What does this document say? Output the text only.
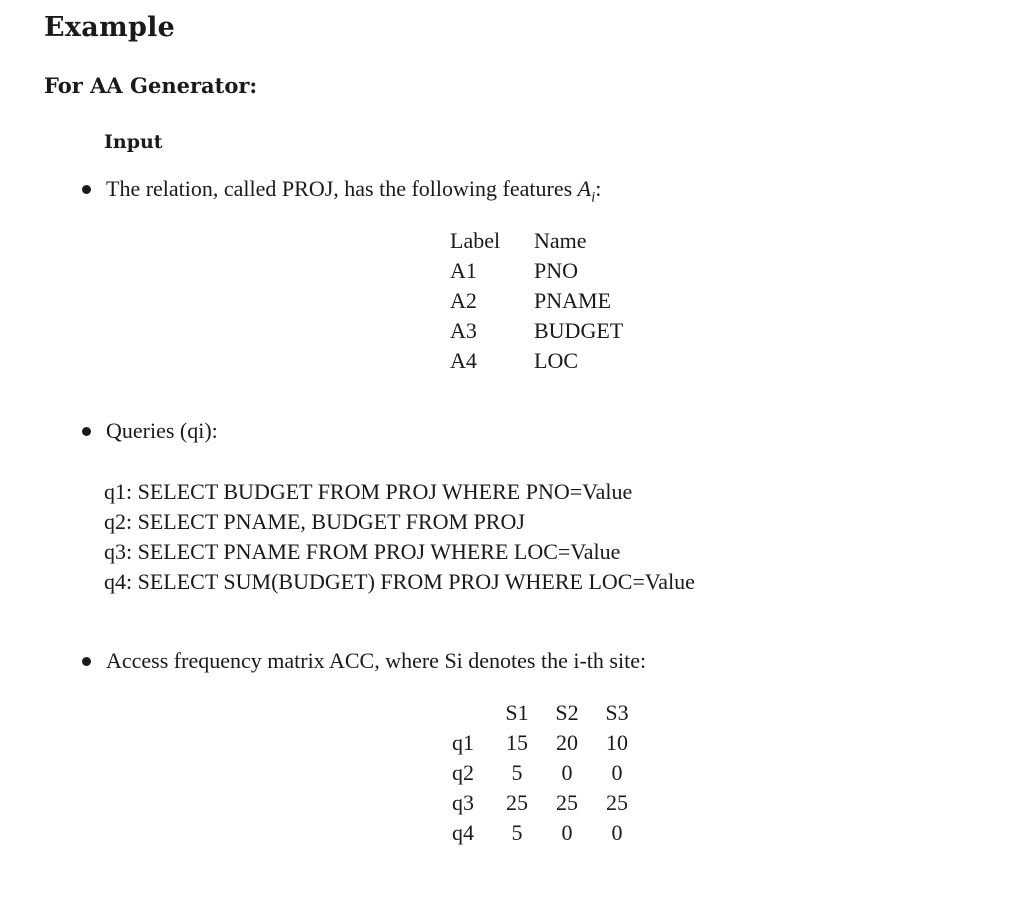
Example
For AA Generator:
Input
The relation, called PROJ, has the following features $A_i$:
Label	Name
A1	PNO
A2	PNAME
A3	BUDGET
A4	LOC
Queries (qi):
q1: SELECT BUDGET FROM PROJ WHERE PNO=Value
q2: SELECT PNAME, BUDGET FROM PROJ
q3: SELECT PNAME FROM PROJ WHERE LOC=Value
q4: SELECT SUM(BUDGET) FROM PROJ WHERE LOC=Value
Access frequency matrix ACC, where Si denotes the i-th site:
	S1	S2	S3
q1	15	20	10
q2	5	0	0
q3	25	25	25
q4	5	0	0
